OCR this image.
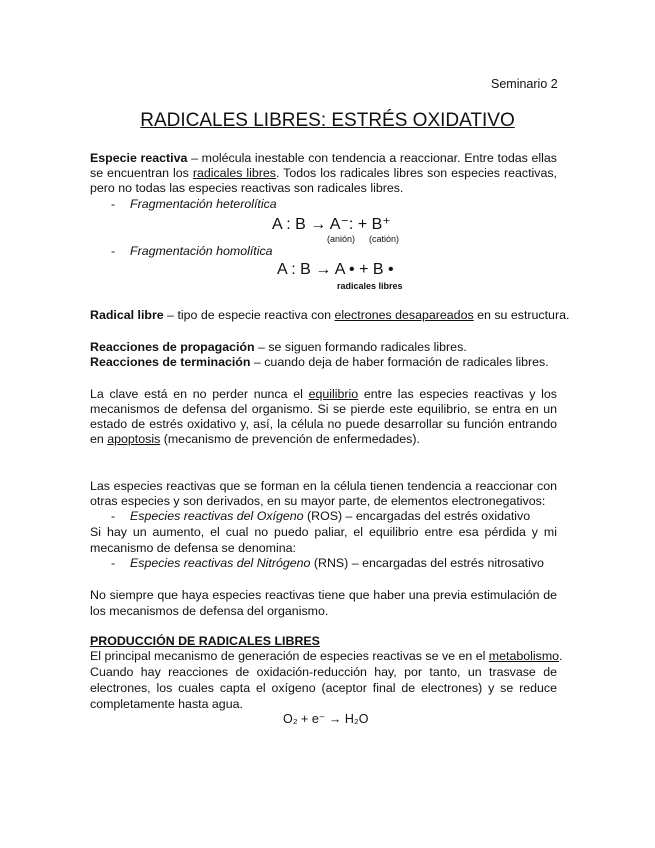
Seminario 2
RADICALES LIBRES: ESTRÉS OXIDATIVO
Especie reactiva – molécula inestable con tendencia a reaccionar. Entre todas ellas
se encuentran los radicales libres. Todos los radicales libres son especies reactivas,
pero no todas las especies reactivas son radicales libres.
- Fragmentación heterolítica
A : B → A⁻: + B⁺
(anión) (catión)
- Fragmentación homolítica
A : B → A • + B •
radicales libres
Radical libre – tipo de especie reactiva con electrones desapareados en su estructura.
Reacciones de propagación – se siguen formando radicales libres.
Reacciones de terminación – cuando deja de haber formación de radicales libres.
La clave está en no perder nunca el equilibrio entre las especies reactivas y los
mecanismos de defensa del organismo. Si se pierde este equilibrio, se entra en un
estado de estrés oxidativo y, así, la célula no puede desarrollar su función entrando
en apoptosis (mecanismo de prevención de enfermedades).
Las especies reactivas que se forman en la célula tienen tendencia a reaccionar con
otras especies y son derivados, en su mayor parte, de elementos electronegativos:
- Especies reactivas del Oxígeno (ROS) – encargadas del estrés oxidativo
Si hay un aumento, el cual no puedo paliar, el equilibrio entre esa pérdida y mi
mecanismo de defensa se denomina:
- Especies reactivas del Nitrógeno (RNS) – encargadas del estrés nitrosativo
No siempre que haya especies reactivas tiene que haber una previa estimulación de
los mecanismos de defensa del organismo.
PRODUCCIÓN DE RADICALES LIBRES
El principal mecanismo de generación de especies reactivas se ve en el metabolismo.
Cuando hay reacciones de oxidación-reducción hay, por tanto, un trasvase de
electrones, los cuales capta el oxígeno (aceptor final de electrones) y se reduce
completamente hasta agua.
O₂ + e⁻ → H₂O
